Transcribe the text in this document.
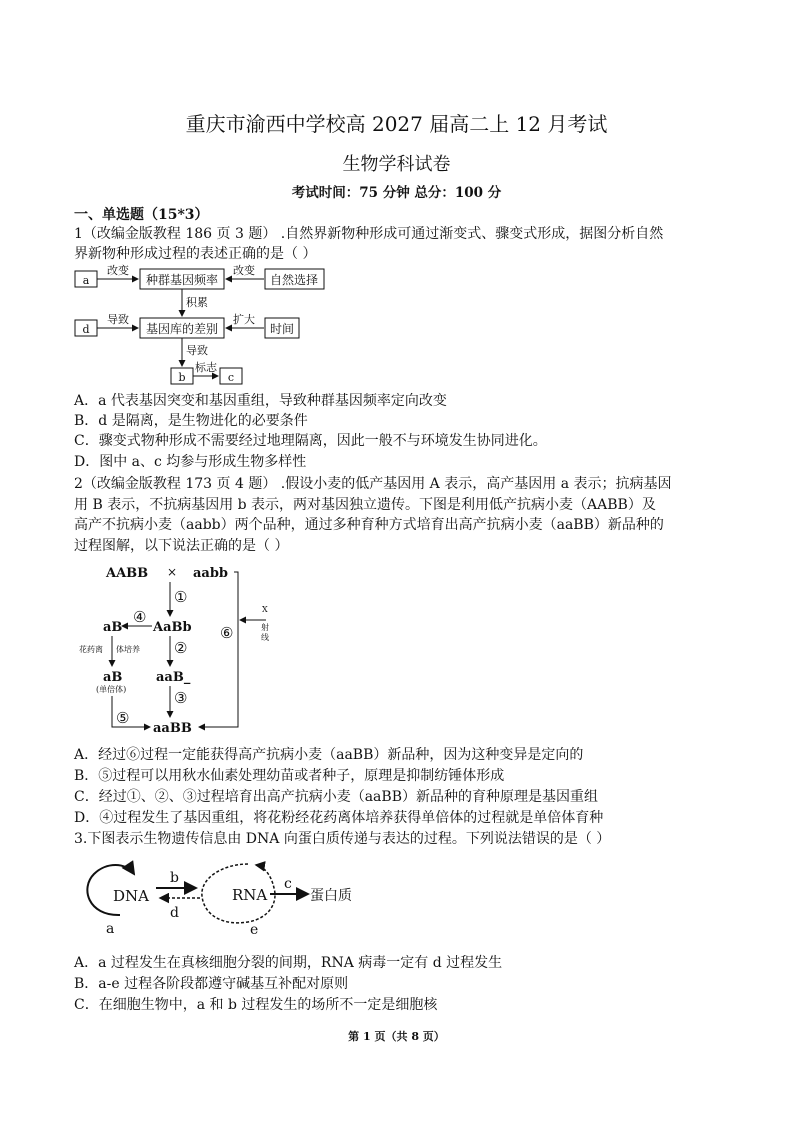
重庆市渝西中学校高 2027 届高二上 12 月考试
生物学科试卷
考试时间：75 分钟 总分：100 分
一、单选题（15*3）
1（改编金版教程 186 页 3 题） .自然界新物种形成可通过渐变式、骤变式形成，据图分析自然
界新物种形成过程的表述正确的是（ ）
a
改变
种群基因频率
改变
自然选择
积累
d
导致
基因库的差别
扩大
时间
导致
b
标志
c
A．a 代表基因突变和基因重组，导致种群基因频率定向改变
B．d 是隔离，是生物进化的必要条件
C．骤变式物种形成不需要经过地理隔离，因此一般不与环境发生协同进化。
D．图中 a、c 均参与形成生物多样性
2（改编金版教程 173 页 4 题） .假设小麦的低产基因用 A 表示，高产基因用 a 表示；抗病基因
用 B 表示，不抗病基因用 b 表示，两对基因独立遗传。下图是利用低产抗病小麦（AABB）及
高产不抗病小麦（aabb）两个品种，通过多种育种方式培育出高产抗病小麦（aaBB）新品种的
过程图解，以下说法正确的是（ ）
AABB × aabb
①
AaBb
④
aB
花药离 体培养
aB
(单倍体)
②
aaB_
③
aaBB
⑤
⑥
X
射
线
A．经过⑥过程一定能获得高产抗病小麦（aaBB）新品种，因为这种变异是定向的
B．⑤过程可以用秋水仙素处理幼苗或者种子，原理是抑制纺锤体形成
C．经过①、②、③过程培育出高产抗病小麦（aaBB）新品种的育种原理是基因重组
D．④过程发生了基因重组，将花粉经花药离体培养获得单倍体的过程就是单倍体育种
3.下图表示生物遗传信息由 DNA 向蛋白质传递与表达的过程。下列说法错误的是（ ）
DNA
a
b
d
RNA
e
c
蛋白质
A．a 过程发生在真核细胞分裂的间期，RNA 病毒一定有 d 过程发生
B．a-e 过程各阶段都遵守碱基互补配对原则
C．在细胞生物中，a 和 b 过程发生的场所不一定是细胞核
第 1 页（共 8 页）
